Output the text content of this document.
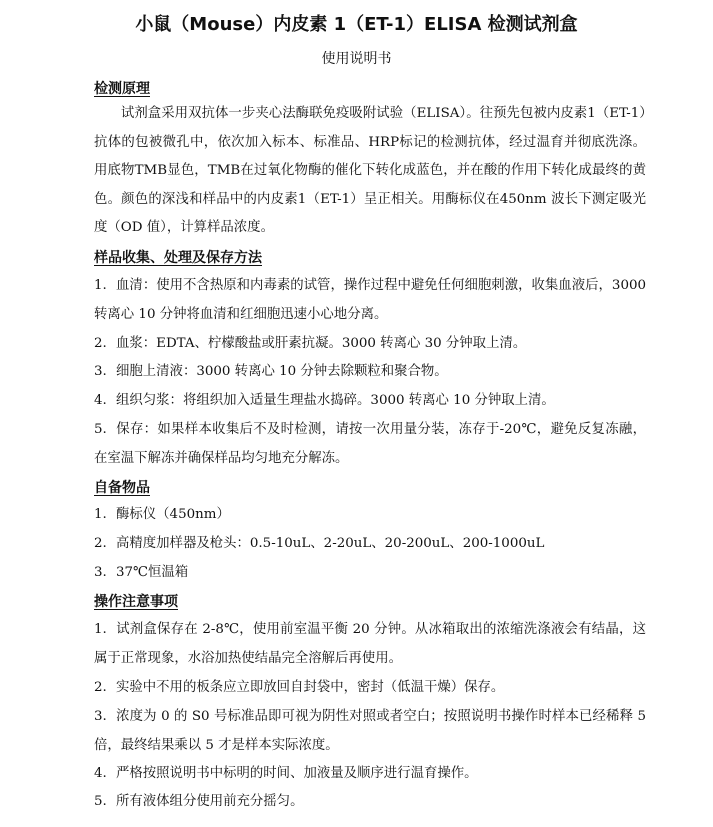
小鼠（Mouse）内皮素 1（ET-1）ELISA 检测试剂盒
使用说明书
检测原理
　　试剂盒采用双抗体一步夹心法酶联免疫吸附试验（ELISA）。往预先包被内皮素1（ET-1）抗体的包被微孔中，依次加入标本、标准品、HRP标记的检测抗体，经过温育并彻底洗涤。用底物TMB显色，TMB在过氧化物酶的催化下转化成蓝色，并在酸的作用下转化成最终的黄色。颜色的深浅和样品中的内皮素1（ET-1）呈正相关。用酶标仪在450nm 波长下测定吸光度（OD 值），计算样品浓度。
样品收集、处理及保存方法
1. 血清：使用不含热原和内毒素的试管，操作过程中避免任何细胞刺激，收集血液后，3000 转离心 10 分钟将血清和红细胞迅速小心地分离。
2. 血浆：EDTA、柠檬酸盐或肝素抗凝。3000 转离心 30 分钟取上清。
3. 细胞上清液：3000 转离心 10 分钟去除颗粒和聚合物。
4. 组织匀浆：将组织加入适量生理盐水捣碎。3000 转离心 10 分钟取上清。
5. 保存：如果样本收集后不及时检测，请按一次用量分装，冻存于-20℃，避免反复冻融，在室温下解冻并确保样品均匀地充分解冻。
自备物品
1. 酶标仪（450nm）
2. 高精度加样器及枪头：0.5-10uL、2-20uL、20-200uL、200-1000uL
3. 37℃恒温箱
操作注意事项
1. 试剂盒保存在 2-8℃，使用前室温平衡 20 分钟。从冰箱取出的浓缩洗涤液会有结晶，这属于正常现象，水浴加热使结晶完全溶解后再使用。
2. 实验中不用的板条应立即放回自封袋中，密封（低温干燥）保存。
3. 浓度为 0 的 S0 号标准品即可视为阴性对照或者空白；按照说明书操作时样本已经稀释 5 倍，最终结果乘以 5 才是样本实际浓度。
4. 严格按照说明书中标明的时间、加液量及顺序进行温育操作。
5. 所有液体组分使用前充分摇匀。
